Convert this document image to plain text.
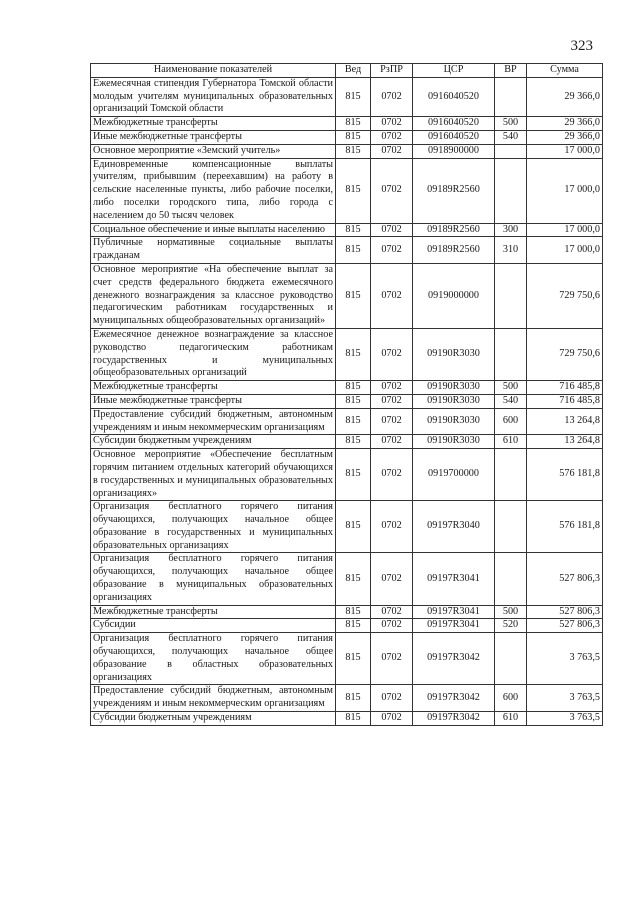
323
Наименование показателей	Вед	РзПР	ЦСР	ВР	Сумма
Ежемесячная стипендия Губернатора Томской области молодым учителям муниципальных образовательных организаций Томской области	815	0702	0916040520		29 366,0
Межбюджетные трансферты	815	0702	0916040520	500	29 366,0
Иные межбюджетные трансферты	815	0702	0916040520	540	29 366,0
Основное мероприятие «Земский учитель»	815	0702	0918900000		17 000,0
Единовременные компенсационные выплаты учителям, прибывшим (переехавшим) на работу в сельские населенные пункты, либо рабочие поселки, либо поселки городского типа, либо города с населением до 50 тысяч человек	815	0702	09189R2560		17 000,0
Социальное обеспечение и иные выплаты населению	815	0702	09189R2560	300	17 000,0
Публичные нормативные социальные выплаты гражданам	815	0702	09189R2560	310	17 000,0
Основное мероприятие «На обеспечение выплат за счет средств федерального бюджета ежемесячного денежного вознаграждения за классное руководство педагогическим работникам государственных и муниципальных общеобразовательных организаций»	815	0702	0919000000		729 750,6
Ежемесячное денежное вознаграждение за классное руководство педагогическим работникам государственных и муниципальных общеобразовательных организаций	815	0702	09190R3030		729 750,6
Межбюджетные трансферты	815	0702	09190R3030	500	716 485,8
Иные межбюджетные трансферты	815	0702	09190R3030	540	716 485,8
Предоставление субсидий бюджетным, автономным учреждениям и иным некоммерческим организациям	815	0702	09190R3030	600	13 264,8
Субсидии бюджетным учреждениям	815	0702	09190R3030	610	13 264,8
Основное мероприятие «Обеспечение бесплатным горячим питанием отдельных категорий обучающихся в государственных и муниципальных образовательных организациях»	815	0702	0919700000		576 181,8
Организация бесплатного горячего питания обучающихся, получающих начальное общее образование в государственных и муниципальных образовательных организациях	815	0702	09197R3040		576 181,8
Организация бесплатного горячего питания обучающихся, получающих начальное общее образование в муниципальных образовательных организациях	815	0702	09197R3041		527 806,3
Межбюджетные трансферты	815	0702	09197R3041	500	527 806,3
Субсидии	815	0702	09197R3041	520	527 806,3
Организация бесплатного горячего питания обучающихся, получающих начальное общее образование в областных образовательных организациях	815	0702	09197R3042		3 763,5
Предоставление субсидий бюджетным, автономным учреждениям и иным некоммерческим организациям	815	0702	09197R3042	600	3 763,5
Субсидии бюджетным учреждениям	815	0702	09197R3042	610	3 763,5
